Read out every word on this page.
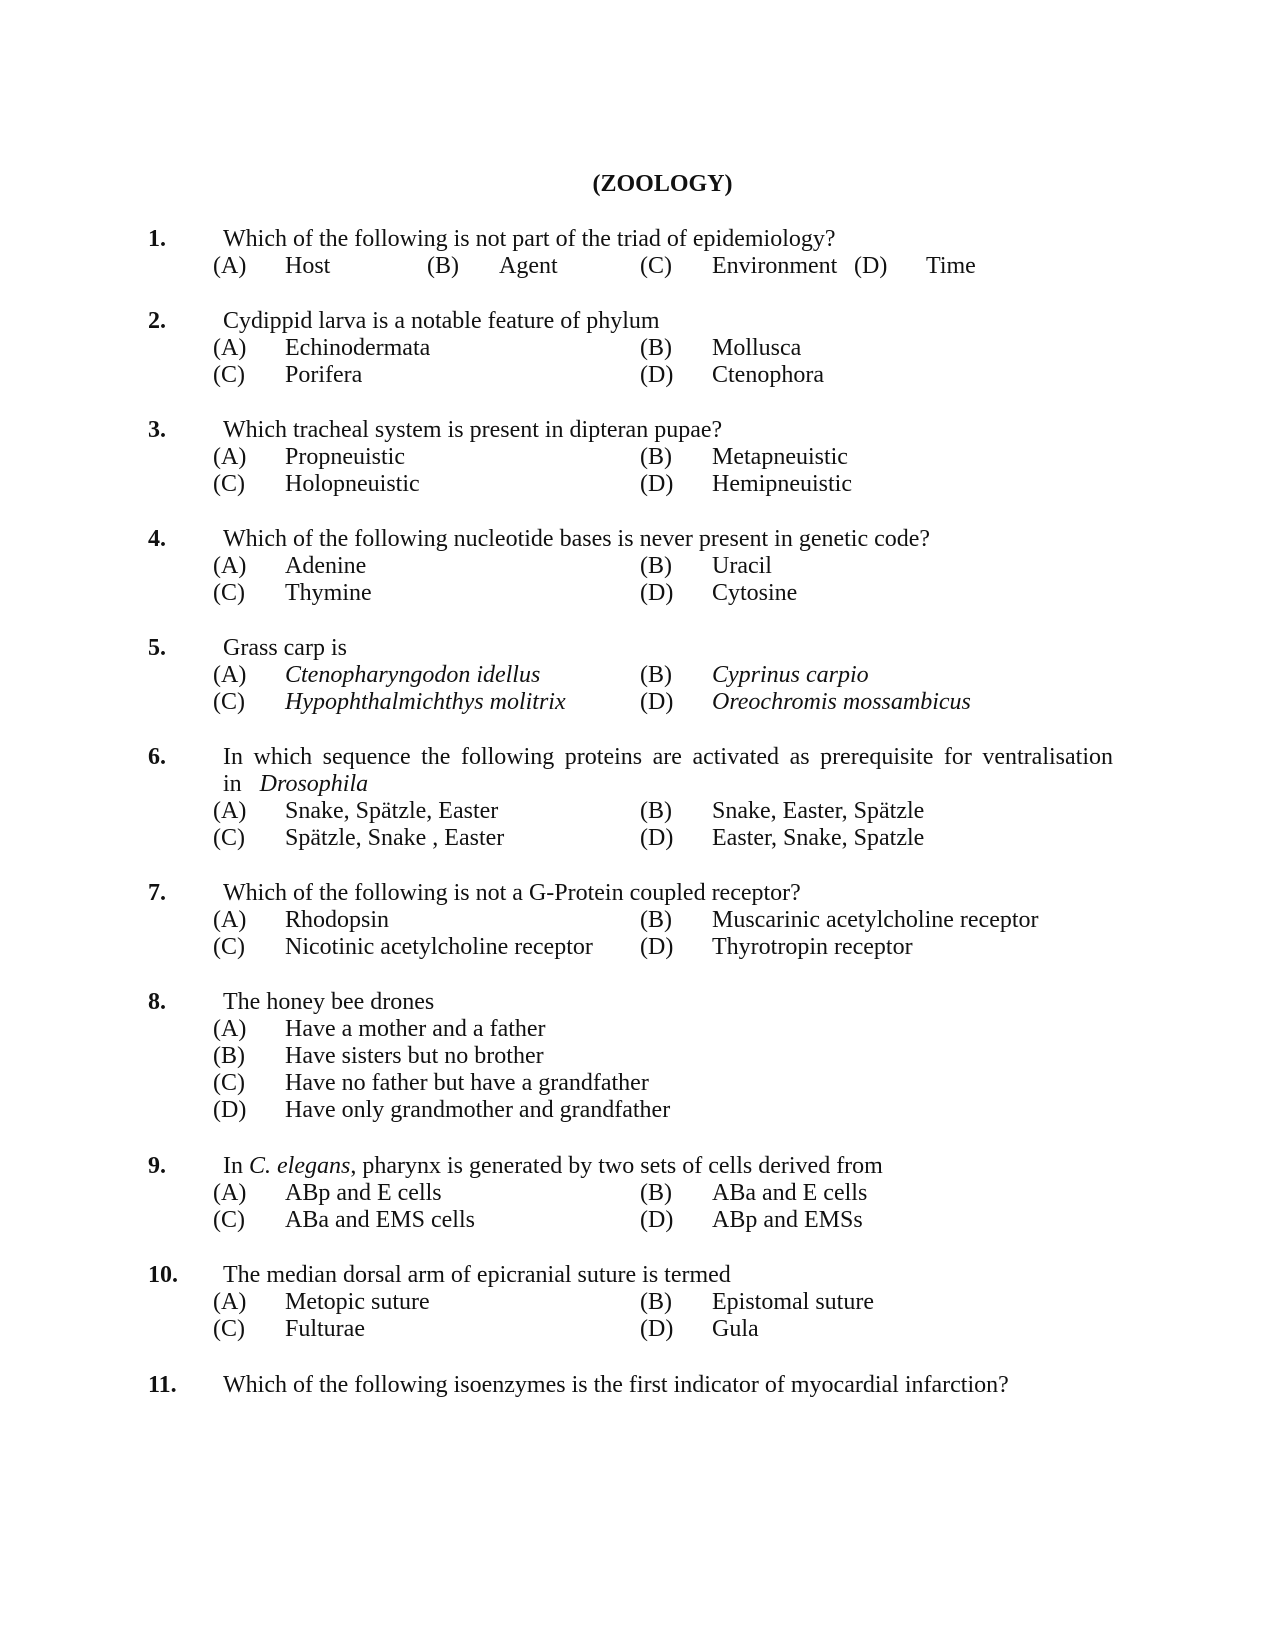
(ZOOLOGY)
1. Which of the following is not part of the triad of epidemiology?
(A) Host	(B) Agent	(C) Environment (D) Time
2. Cydippid larva is a notable feature of phylum
(A) Echinodermata	(B) Mollusca
(C) Porifera	(D) Ctenophora
3. Which tracheal system is present in dipteran pupae?
(A) Propneuistic	(B) Metapneuistic
(C) Holopneuistic	(D) Hemipneuistic
4. Which of the following nucleotide bases is never present in genetic code?
(A) Adenine	(B) Uracil
(C) Thymine	(D) Cytosine
5. Grass carp is
(A) Ctenopharyngodon idellus	(B) Cyprinus carpio
(C) Hypophthalmichthys molitrix	(D) Oreochromis mossambicus
6. In which sequence the following proteins are activated as prerequisite for ventralisation
in Drosophila
(A) Snake, Spätzle, Easter	(B) Snake, Easter, Spätzle
(C) Spätzle, Snake , Easter	(D) Easter, Snake, Spatzle
7. Which of the following is not a G-Protein coupled receptor?
(A) Rhodopsin	(B) Muscarinic acetylcholine receptor
(C) Nicotinic acetylcholine receptor (D) Thyrotropin receptor
8. The honey bee drones
(A) Have a mother and a father
(B) Have sisters but no brother
(C) Have no father but have a grandfather
(D) Have only grandmother and grandfather
9. In C. elegans, pharynx is generated by two sets of cells derived from
(A) ABp and E cells	(B) ABa and E cells
(C) ABa and EMS cells	(D) ABp and EMSs
10. The median dorsal arm of epicranial suture is termed
(A) Metopic suture	(B) Epistomal suture
(C) Fulturae	(D) Gula
11. Which of the following isoenzymes is the first indicator of myocardial infarction?
